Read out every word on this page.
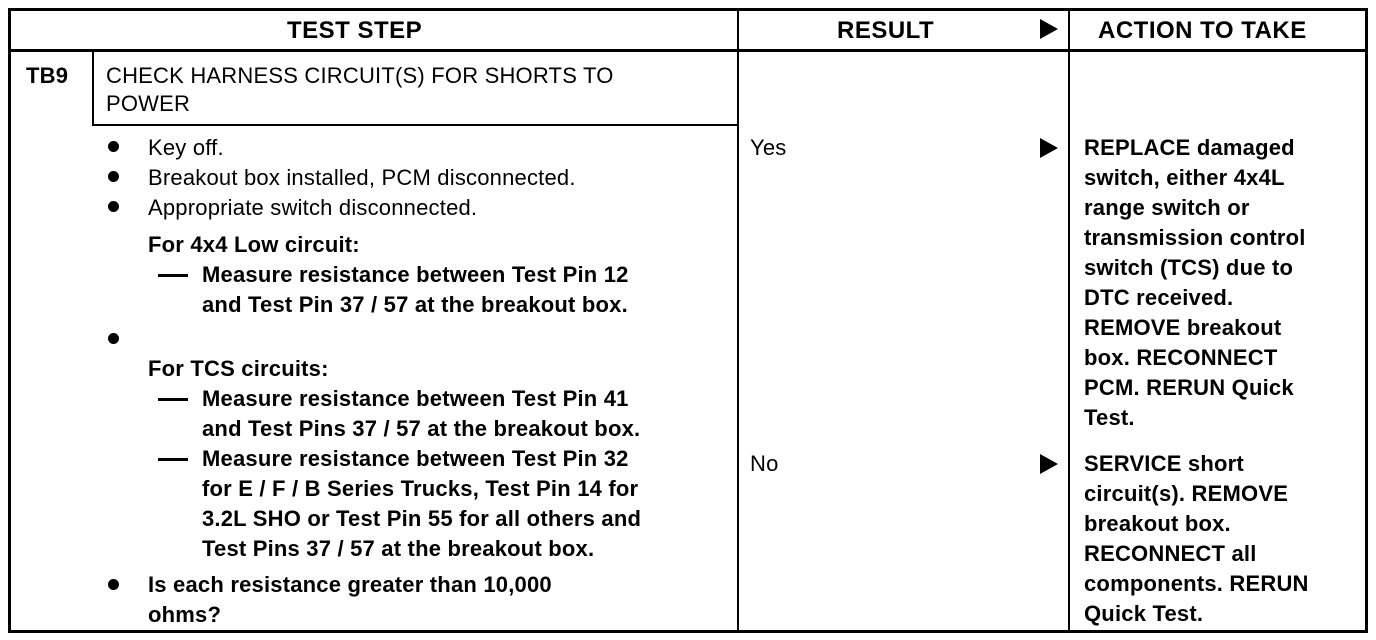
TEST STEP	RESULT	ACTION TO TAKE
TB9 CHECK HARNESS CIRCUIT(S) FOR SHORTS TO
POWER
Key off.
Breakout box installed, PCM disconnected.
Appropriate switch disconnected.
For 4x4 Low circuit:
Measure resistance between Test Pin 12
and Test Pin 37 / 57 at the breakout box.
For TCS circuits:
Measure resistance between Test Pin 41
and Test Pins 37 / 57 at the breakout box.
Measure resistance between Test Pin 32
for E / F / B Series Trucks, Test Pin 14 for
3.2L SHO or Test Pin 55 for all others and
Test Pins 37 / 57 at the breakout box.
Is each resistance greater than 10,000
ohms?
Yes
No
REPLACE damaged
switch, either 4x4L
range switch or
transmission control
switch (TCS) due to
DTC received.
REMOVE breakout
box. RECONNECT
PCM. RERUN Quick
Test.
SERVICE short
circuit(s). REMOVE
breakout box.
RECONNECT all
components. RERUN
Quick Test.
